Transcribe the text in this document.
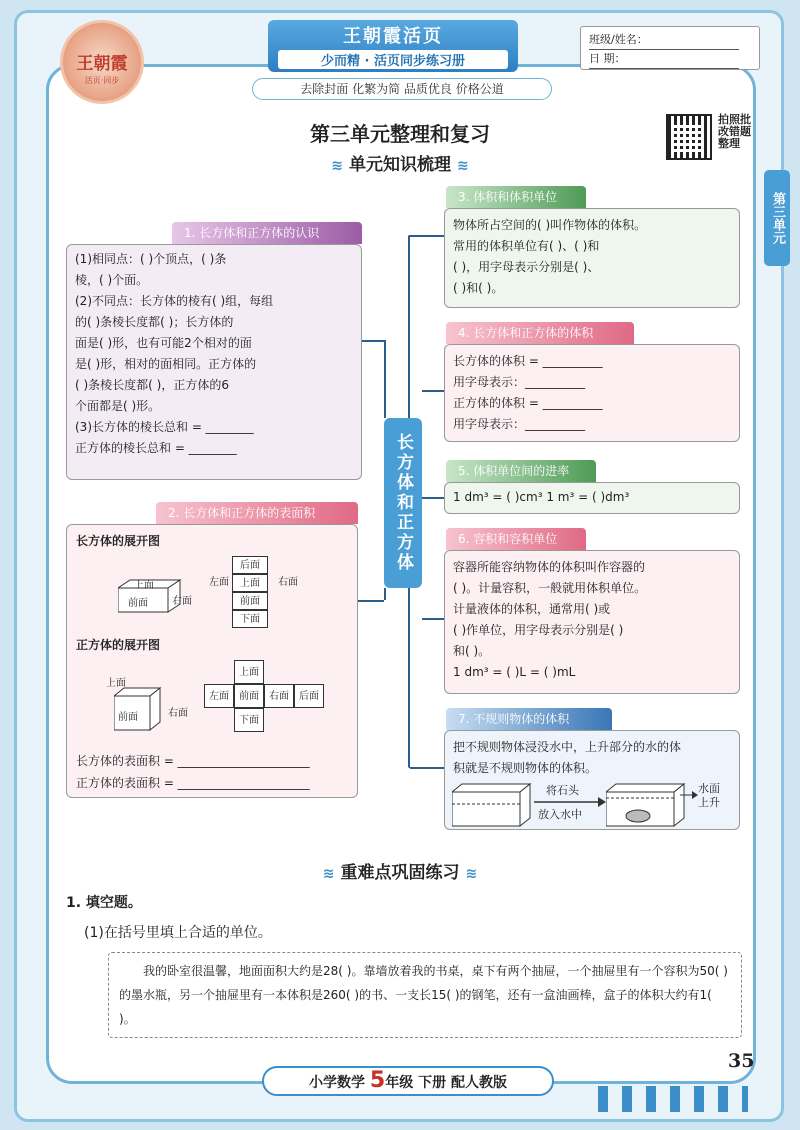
王朝霞
活页·同步
王朝霞活页
少而精 · 活页同步练习册
去除封面 化繁为简 品质优良 价格公道
班级/姓名：
日 期：
第三单元整理和复习
拍照批改错题整理
第三单元
≋ 单元知识梳理 ≋
长方体和正方体
1. 长方体和正方体的认识
(1)相同点：( )个顶点，( )条
棱，( )个面。
(2)不同点：长方体的棱有( )组，每组
的( )条棱长度都( )；长方体的
面是( )形，也有可能2个相对的面
是( )形，相对的面相同。正方体的
( )条棱长度都( )，正方体的6
个面都是( )形。
(3)长方体的棱长总和 = ________
正方体的棱长总和 = ________
2. 长方体和正方体的表面积
长方体的展开图
上面
前面 右面
后面
左面	上面	右面
前面
下面
正方体的展开图
上面
前面	右面
上面
左面	前面	右面	后面
下面
长方体的表面积 = ______________________
正方体的表面积 = ______________________
3. 体积和体积单位
物体所占空间的( )叫作物体的体积。
常用的体积单位有( )、( )和
( )，用字母表示分别是( )、
( )和( )。
4. 长方体和正方体的体积
长方体的体积 = __________
用字母表示：__________
正方体的体积 = __________
用字母表示：__________
5. 体积单位间的进率
1 dm³ = ( )cm³ 1 m³ = ( )dm³
6. 容积和容积单位
容器所能容纳物体的体积叫作容器的
( )。计量容积，一般就用体积单位。
计量液体的体积，通常用( )或
( )作单位，用字母表示分别是( )
和( )。
1 dm³ = ( )L = ( )mL
7. 不规则物体的体积
把不规则物体浸没水中，上升部分的水的体
积就是不规则物体的体积。
将石头
放入水中
水面
上升
≋ 重难点巩固练习 ≋
1. 填空题。
(1)在括号里填上合适的单位。
我的卧室很温馨，地面面积大约是28( )。靠墙放着我的书桌，桌下有两个抽屉，一个抽屉里有一个容积为50( )的墨水瓶，另一个抽屉里有一本体积是260( )的书、一支长15( )的钢笔，还有一盒油画棒，盒子的体积大约有1( )。
35
小学数学 5年级 下册 配人教版
